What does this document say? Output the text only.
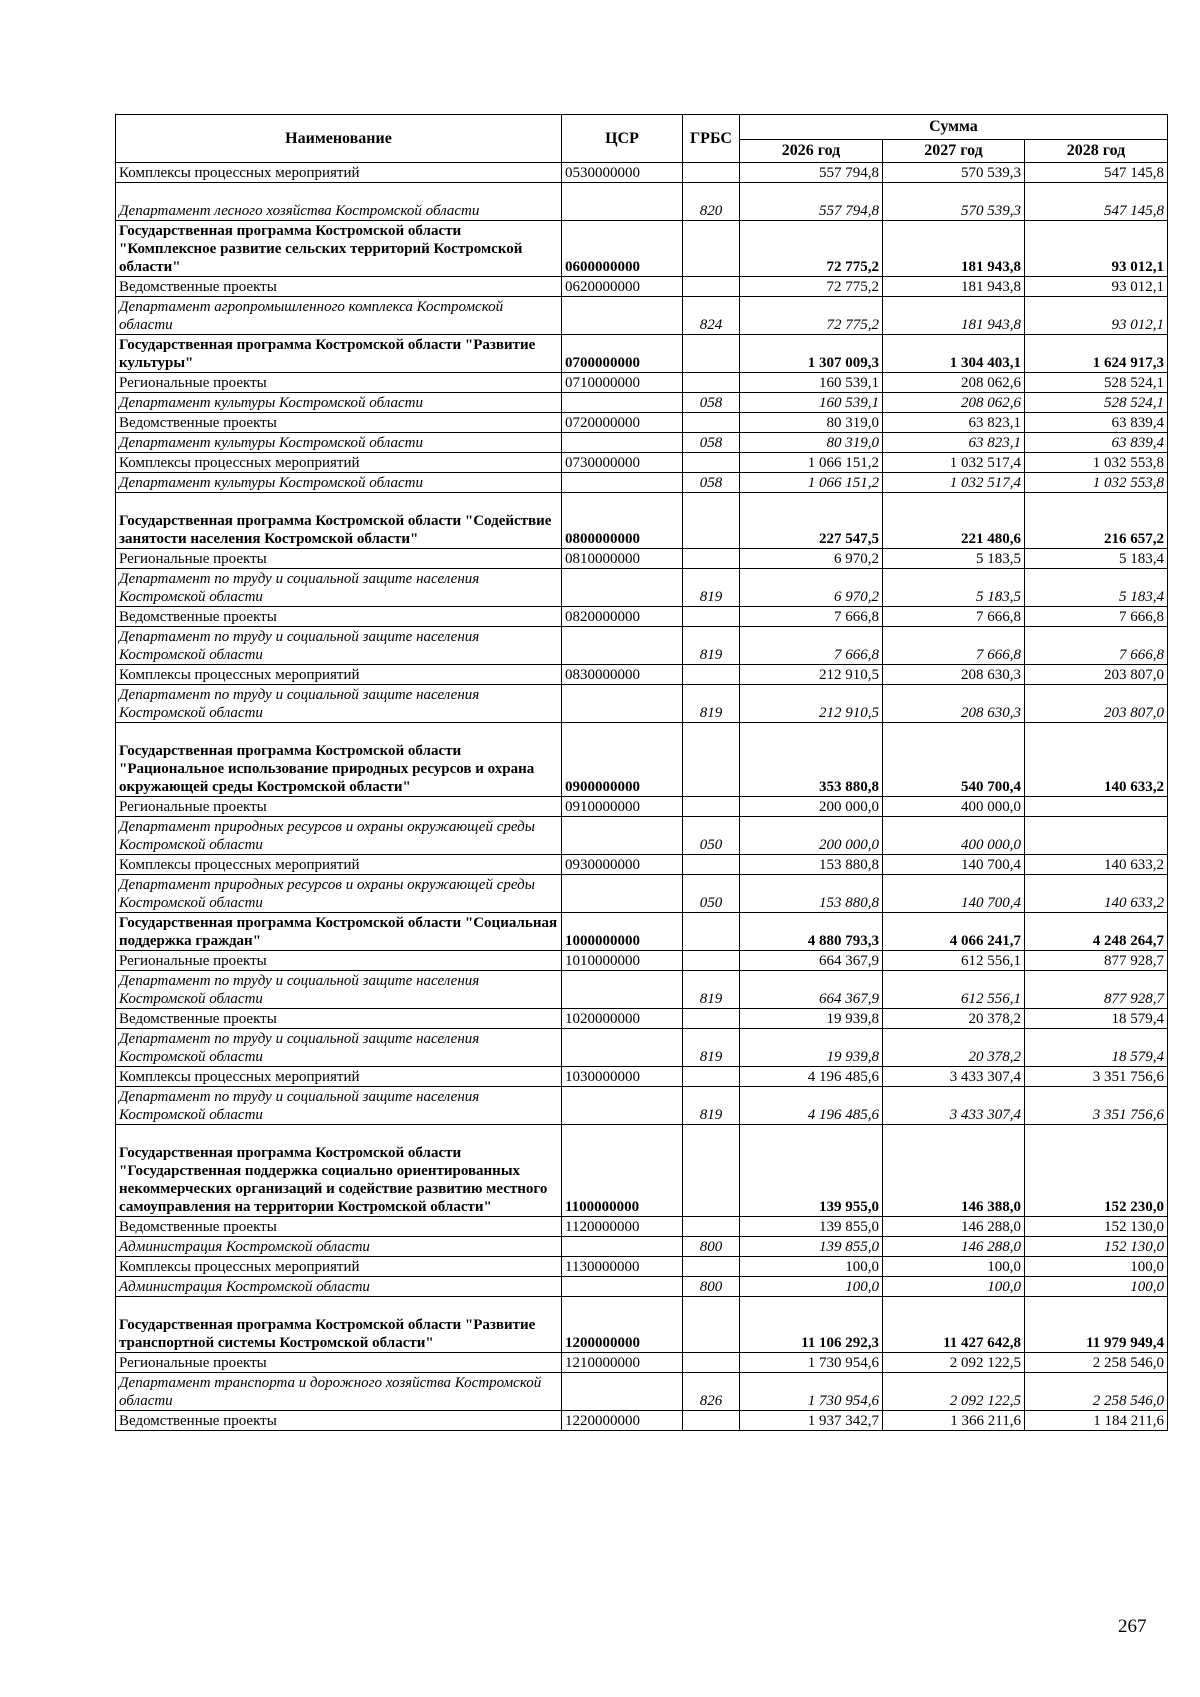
Наименование	ЦСР	ГРБС	Сумма		
			2026 год	2027 год	2028 год
Комплексы процессных мероприятий	0530000000		557 794,8	570 539,3	547 145,8
Департамент лесного хозяйства Костромской области		820	557 794,8	570 539,3	547 145,8
Государственная программа Костромской области "Комплексное развитие сельских территорий Костромской области"	0600000000		72 775,2	181 943,8	93 012,1
Ведомственные проекты	0620000000		72 775,2	181 943,8	93 012,1
Департамент агропромышленного комплекса Костромской области		824	72 775,2	181 943,8	93 012,1
Государственная программа Костромской области "Развитие культуры"	0700000000		1 307 009,3	1 304 403,1	1 624 917,3
Региональные проекты	0710000000		160 539,1	208 062,6	528 524,1
Департамент культуры Костромской области		058	160 539,1	208 062,6	528 524,1
Ведомственные проекты	0720000000		80 319,0	63 823,1	63 839,4
Департамент культуры Костромской области		058	80 319,0	63 823,1	63 839,4
Комплексы процессных мероприятий	0730000000		1 066 151,2	1 032 517,4	1 032 553,8
Департамент культуры Костромской области		058	1 066 151,2	1 032 517,4	1 032 553,8
Государственная программа Костромской области "Содействие занятости населения Костромской области"	0800000000		227 547,5	221 480,6	216 657,2
Региональные проекты	0810000000		6 970,2	5 183,5	5 183,4
Департамент по труду и социальной защите населения Костромской области		819	6 970,2	5 183,5	5 183,4
Ведомственные проекты	0820000000		7 666,8	7 666,8	7 666,8
Департамент по труду и социальной защите населения Костромской области		819	7 666,8	7 666,8	7 666,8
Комплексы процессных мероприятий	0830000000		212 910,5	208 630,3	203 807,0
Департамент по труду и социальной защите населения Костромской области		819	212 910,5	208 630,3	203 807,0
Государственная программа Костромской области "Рациональное использование природных ресурсов и охрана окружающей среды Костромской области"	0900000000		353 880,8	540 700,4	140 633,2
Региональные проекты	0910000000		200 000,0	400 000,0	
Департамент природных ресурсов и охраны окружающей среды Костромской области		050	200 000,0	400 000,0	
Комплексы процессных мероприятий	0930000000		153 880,8	140 700,4	140 633,2
Департамент природных ресурсов и охраны окружающей среды Костромской области		050	153 880,8	140 700,4	140 633,2
Государственная программа Костромской области "Социальная поддержка граждан"	1000000000		4 880 793,3	4 066 241,7	4 248 264,7
Региональные проекты	1010000000		664 367,9	612 556,1	877 928,7
Департамент по труду и социальной защите населения Костромской области		819	664 367,9	612 556,1	877 928,7
Ведомственные проекты	1020000000		19 939,8	20 378,2	18 579,4
Департамент по труду и социальной защите населения Костромской области		819	19 939,8	20 378,2	18 579,4
Комплексы процессных мероприятий	1030000000		4 196 485,6	3 433 307,4	3 351 756,6
Департамент по труду и социальной защите населения Костромской области		819	4 196 485,6	3 433 307,4	3 351 756,6
Государственная программа Костромской области "Государственная поддержка социально ориентированных некоммерческих организаций и содействие развитию местного самоуправления на территории Костромской области"	1100000000		139 955,0	146 388,0	152 230,0
Ведомственные проекты	1120000000		139 855,0	146 288,0	152 130,0
Администрация Костромской области		800	139 855,0	146 288,0	152 130,0
Комплексы процессных мероприятий	1130000000		100,0	100,0	100,0
Администрация Костромской области		800	100,0	100,0	100,0
Государственная программа Костромской области "Развитие транспортной системы Костромской области"	1200000000		11 106 292,3	11 427 642,8	11 979 949,4
Региональные проекты	1210000000		1 730 954,6	2 092 122,5	2 258 546,0
Департамент транспорта и дорожного хозяйства Костромской области		826	1 730 954,6	2 092 122,5	2 258 546,0
Ведомственные проекты	1220000000		1 937 342,7	1 366 211,6	1 184 211,6
267
